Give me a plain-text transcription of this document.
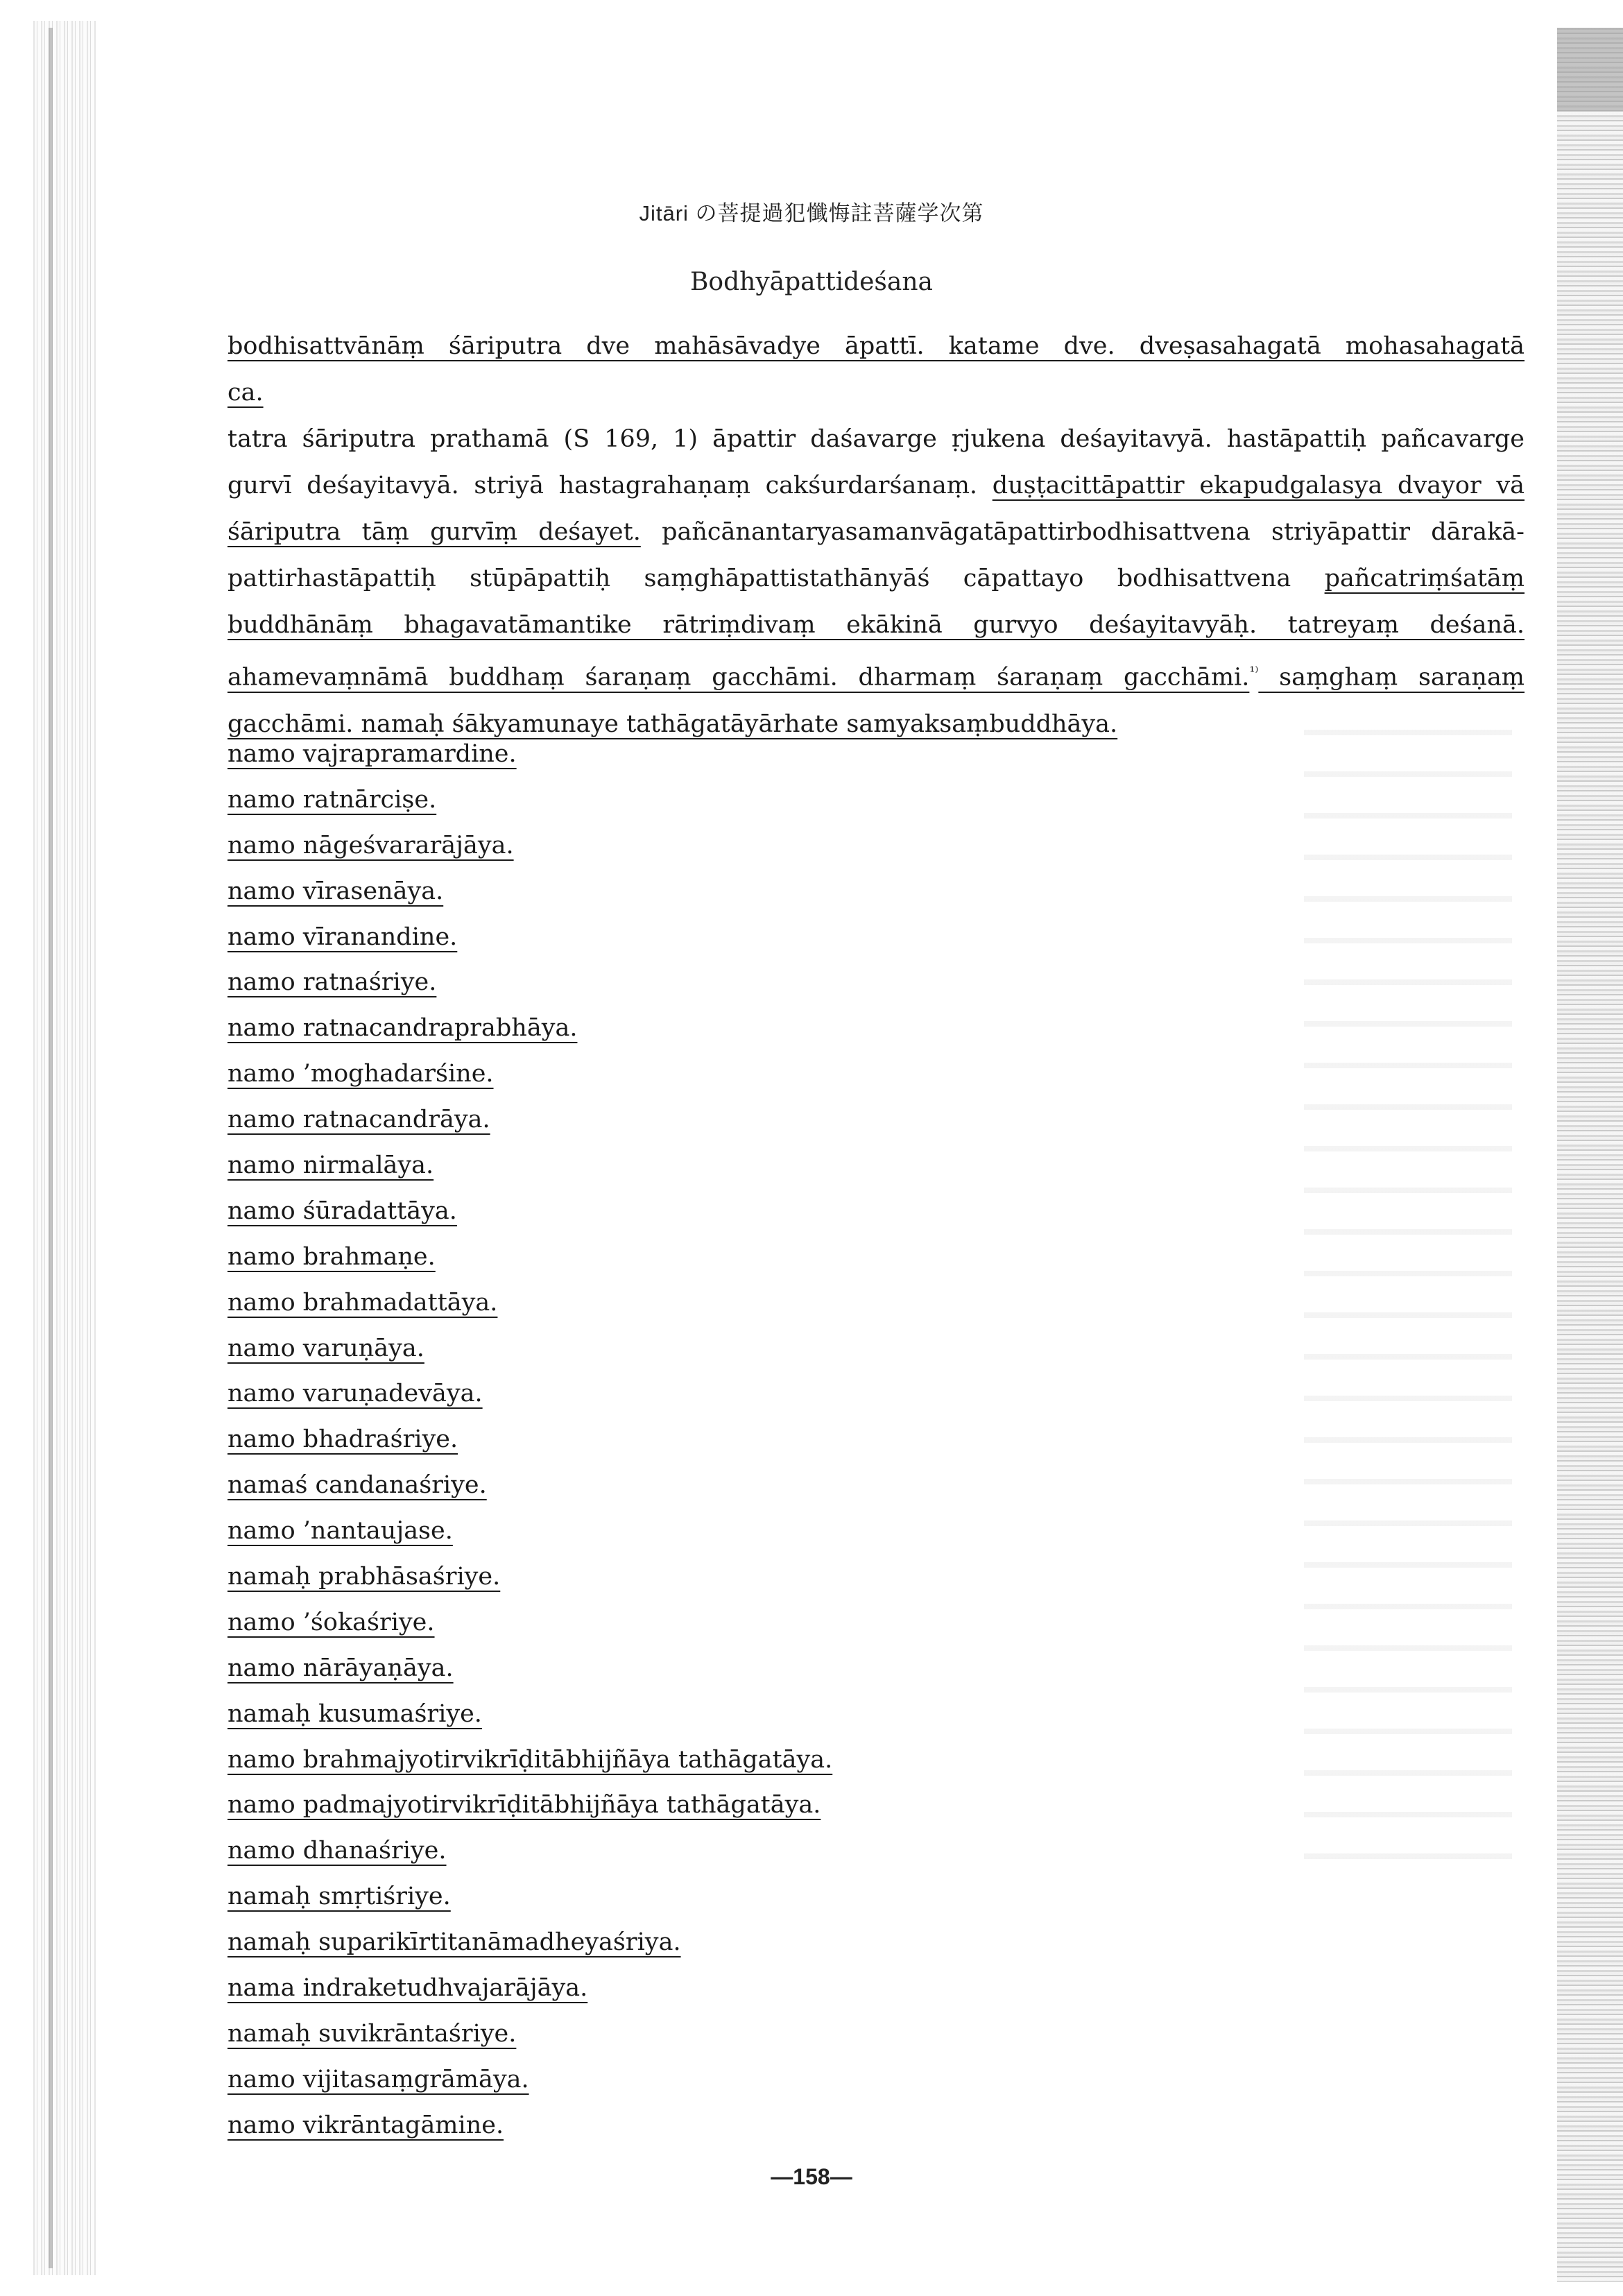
Jitāri の菩提過犯懺悔註菩薩学次第
Bodhyāpattideśana
bodhisattvānāṃ śāriputra dve mahāsāvadye āpattī. katame dve. dveṣasahagatā mohasahagatā
ca.
tatra śāriputra prathamā (S 169, 1) āpattir daśavarge ṛjukena deśayitavyā. hastāpattiḥ pañcavarge
gurvī deśayitavyā. striyā hastagrahaṇaṃ cakśurdarśanaṃ. duṣṭacittāpattir ekapudgalasya dvayor vā
śāriputra tāṃ gurvīṃ deśayet. pañcānantaryasamanvāgatāpattirbodhisattvena striyāpattir dārakā-
pattirhastāpattiḥ stūpāpattiḥ saṃghāpattistathānyāś cāpattayo bodhisattvena pañcatriṃśatāṃ
buddhānāṃ bhagavatāmantike rātriṃdivaṃ ekākinā gurvyo deśayitavyāḥ. tatreyaṃ deśanā.
ahamevaṃnāmā buddhaṃ śaraṇaṃ gacchāmi. dharmaṃ śaraṇaṃ gacchāmi.$^{^{1)}}$ saṃghaṃ saraṇaṃ
gacchāmi. namaḥ śākyamunaye tathāgatāyārhate samyaksaṃbuddhāya.
namo vajrapramardine.
namo ratnārciṣe.
namo nāgeśvararājāya.
namo vīrasenāya.
namo vīranandine.
namo ratnaśriye.
namo ratnacandraprabhāya.
namo ’moghadarśine.
namo ratnacandrāya.
namo nirmalāya.
namo śūradattāya.
namo brahmaṇe.
namo brahmadattāya.
namo varuṇāya.
namo varuṇadevāya.
namo bhadraśriye.
namaś candanaśriye.
namo ’nantaujase.
namaḥ prabhāsaśriye.
namo ’śokaśriye.
namo nārāyaṇāya.
namaḥ kusumaśriye.
namo brahmajyotirvikrīḍitābhijñāya tathāgatāya.
namo padmajyotirvikrīḍitābhijñāya tathāgatāya.
namo dhanaśriye.
namaḥ smṛtiśriye.
namaḥ suparikīrtitanāmadheyaśriya.
nama indraketudhvajarājāya.
namaḥ suvikrāntaśriye.
namo vijitasaṃgrāmāya.
namo vikrāntagāmine.
―158―
